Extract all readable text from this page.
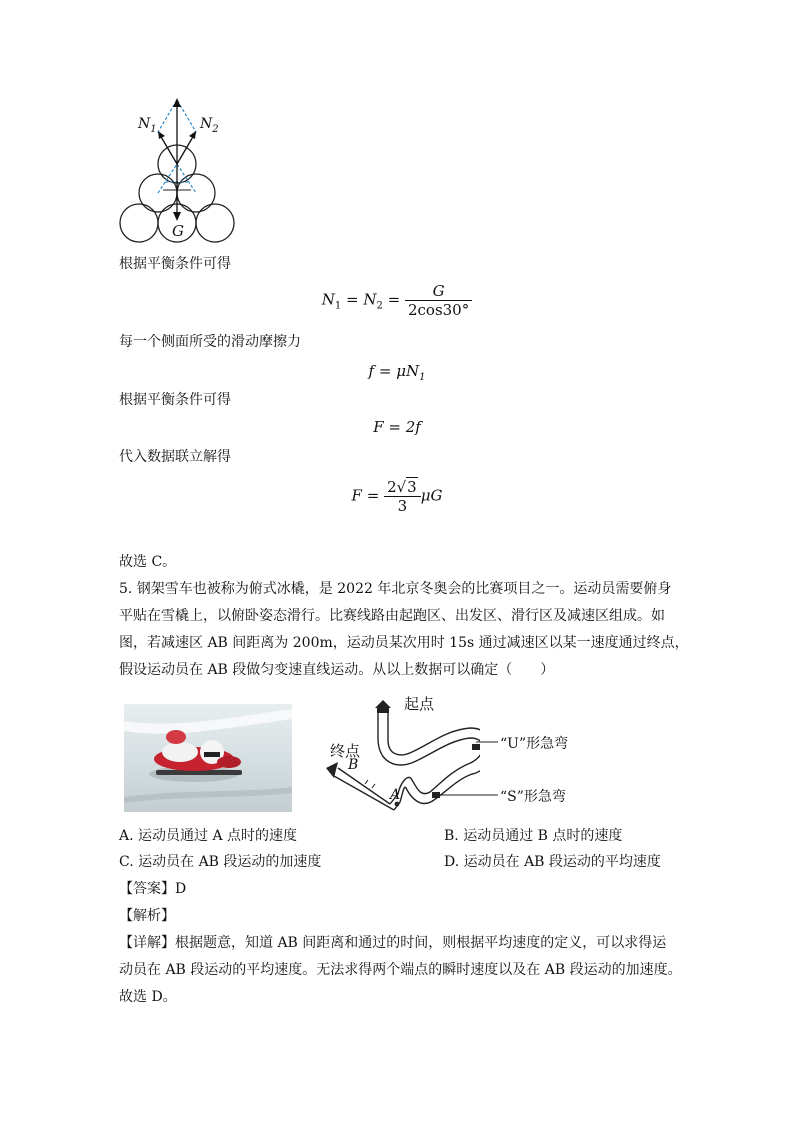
$N_1$	$N_2$
G
根据平衡条件可得
$N_1 = N_2 = \frac{G}{2\cos 30^\circ}$
每一个侧面所受的滑动摩擦力
$f = \mu N_1$
根据平衡条件可得
F = 2f
代入数据联立解得
$F = \frac{2√3}{3}$ μG
故选 C。
5. 钢架雪车也被称为俯式冰橇，是 2022 年北京冬奥会的比赛项目之一。运动员需要俯身
平贴在雪橇上，以俯卧姿态滑行。比赛线路由起跑区、出发区、滑行区及减速区组成。如
图，若减速区 AB 间距离为 200m，运动员某次用时 15s 通过减速区以某一速度通过终点，
假设运动员在 AB 段做匀变速直线运动。从以上数据可以确定（　　）
起点
终点
B
A
“U”形急弯
“S”形急弯
A. 运动员通过 A 点时的速度	B. 运动员通过 B 点时的速度
C. 运动员在 AB 段运动的加速度	D. 运动员在 AB 段运动的平均速度
【答案】D
【解析】
【详解】根据题意，知道 AB 间距离和通过的时间，则根据平均速度的定义，可以求得运
动员在 AB 段运动的平均速度。无法求得两个端点的瞬时速度以及在 AB 段运动的加速度。
故选 D。
